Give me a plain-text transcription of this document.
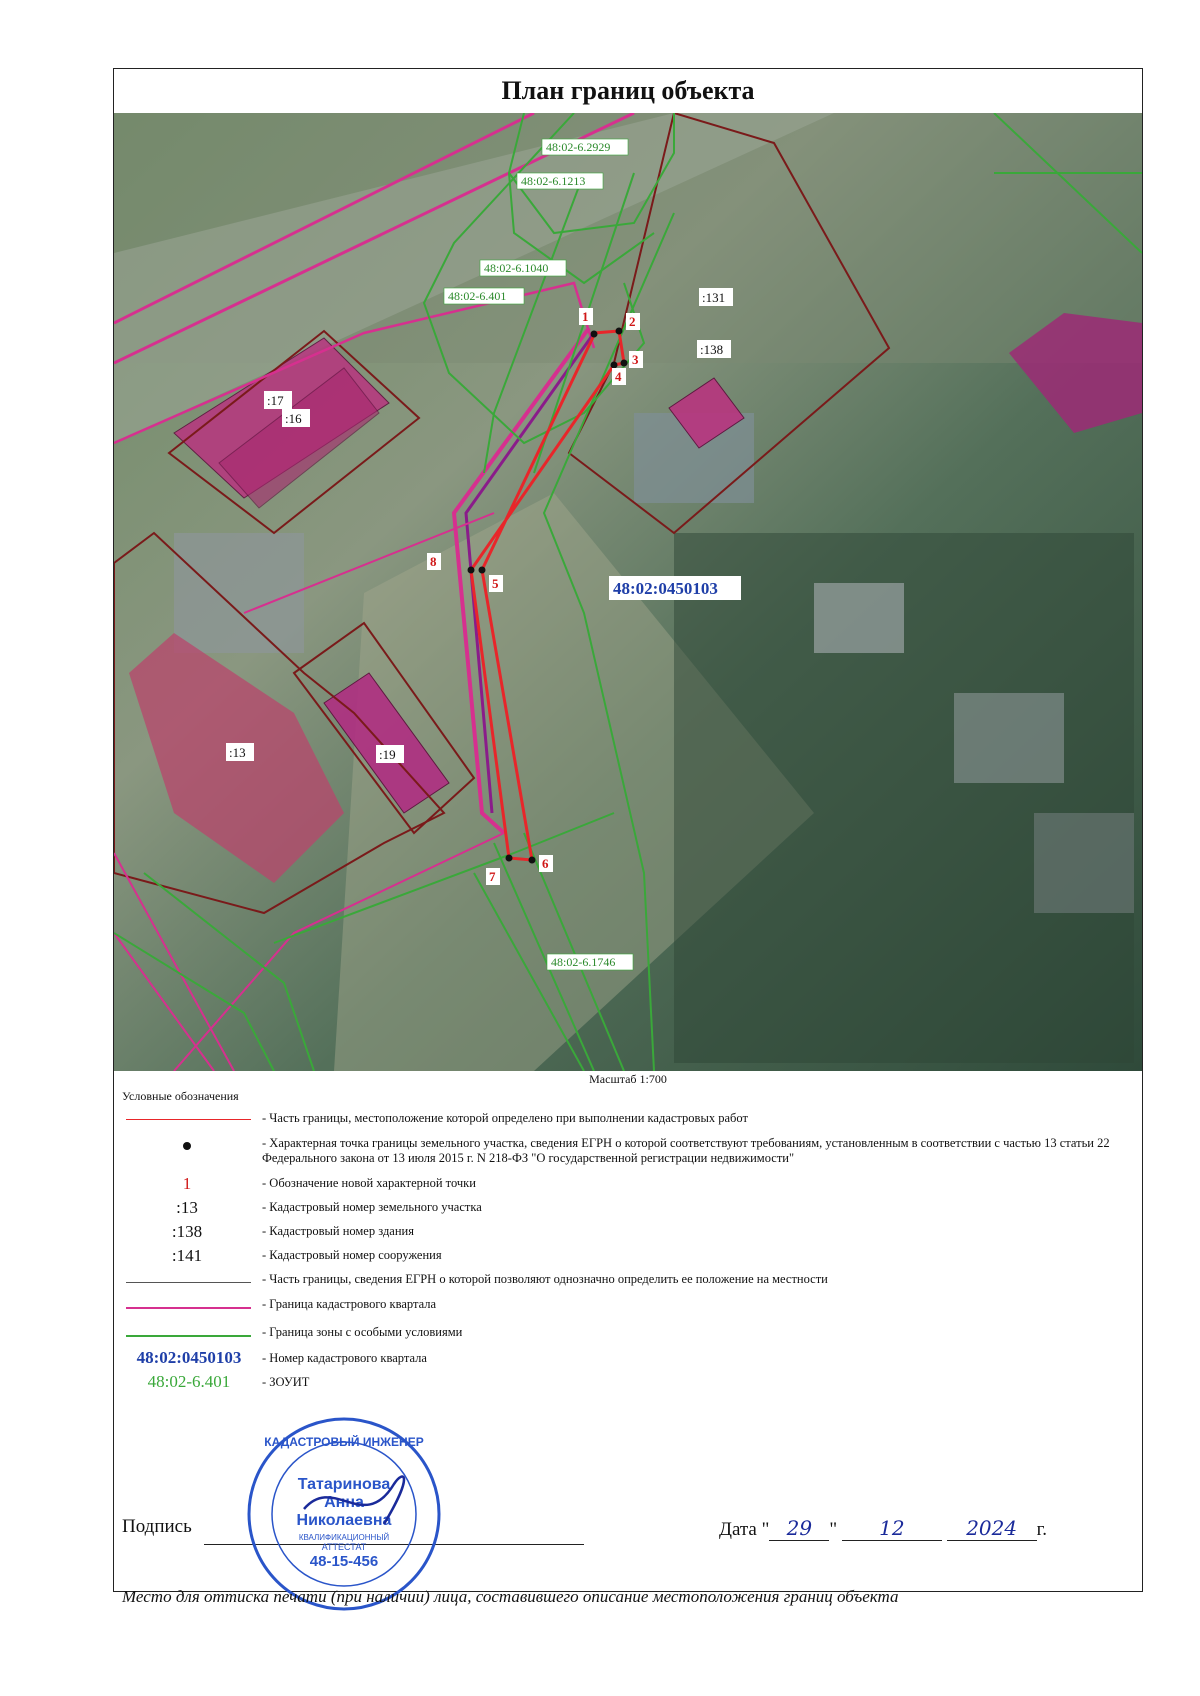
План границ объекта
1	2
3
4
5
6
7
8
48:02-6.2929
48:02-6.1213
48:02-6.1040
48:02-6.401
48:02-6.1746
:131
:138
:17
:16
:13	:19
48:02:0450103
Масштаб 1:700
Условные обозначения
- Часть границы, местоположение которой определено при выполнении кадастровых работ
- Характерная точка границы земельного участка, сведения ЕГРН о которой соответствуют требованиям, установленным в соответствии с частью 13 статьи 22 Федерального закона от 13 июля 2015 г. N 218-ФЗ "О государственной регистрации недвижимости"
1	- Обозначение новой характерной точки
:13	- Кадастровый номер земельного участка
:138	- Кадастровый номер здания
:141	- Кадастровый номер сооружения
- Часть границы, сведения ЕГРН о которой позволяют однозначно определить ее положение на местности
- Граница кадастрового квартала
- Граница зоны с особыми условиями
48:02:0450103	- Номер кадастрового квартала
48:02-6.401	- ЗОУИТ
Подпись
КАДАСТРОВЫЙ ИНЖЕНЕР
Татаринова
Анна
Николаевна
КВАЛИФИКАЦИОННЫЙ
АТТЕСТАТ
48-15-456
Дата " 29 " 12	2024 г.
Место для оттиска печати (при наличии) лица, составившего описание местоположения границ объекта
